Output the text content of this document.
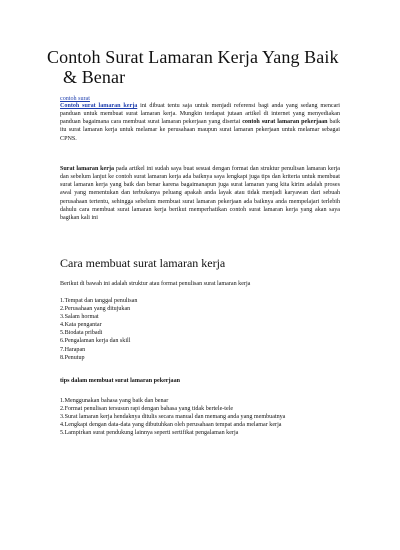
Contoh Surat Lamaran Kerja Yang Baik
& Benar
contoh surat

Contoh surat lamaran kerja ini dibuat tentu saja untuk menjadi referensi bagi anda yang sedang mencari panduan untuk membuat surat lamaran kerja. Mungkin terdapat jutaan artikel di internet yang menyediakan panduan bagaimana cara membuat surat lamaran pekerjaan yang disertai contoh surat lamaran pekerjaan baik itu surat lamaran kerja untuk melamar ke perusahaan maupun surat lamaran pekerjaan untuk melamar sebagai CPNS.

Surat lamaran kerja pada artikel ini sudah saya buat sesuai dengan format dan struktur penulisan lamaran kerja dan sebelum lanjut ke contoh surat lamaran kerja ada baiknya saya lengkapi juga tips dan kriteria untuk membuat surat lamaran kerja yang baik dan benar karena bagaimanapun juga surat lamaran yang kita kirim adalah proses awal yang menentukan dan terbukanya peluang apakah anda layak atau tidak menjadi karyawan dari sebuah perusahaan tertentu, sehingga sebelum membuat surat lamaran pekerjaan ada baiknya anda mempelajari terlebih dahulu cara membuat surat lamaran kerja berikut memperhatikan contoh surat lamaran kerja yang akan saya bagikan kali ini

Cara membuat surat lamaran kerja

Berikut di bawah ini adalah struktur atau format penulisan surat lamaran kerja

1.Tempat dan tanggal penulisan
2.Perusahaan yang ditujukan
3.Salam hormat
4.Kata pengantar
5.Biodata pribadi
6.Pengalaman kerja dan skill
7.Harapan
8.Penutup

tips dalam membuat surat lamaran pekerjaan

1.Menggunakan bahasa yang baik dan benar
2.Format penulisan tersusun rapi dengan bahasa yang tidak bertele-tele
3.Surat lamaran kerja hendaknya ditulis secara manual dan memang anda yang membuatnya
4.Lengkapi dengan data-data yang dibutuhkan oleh perusahaan tempat anda melamar kerja
5.Lampirkan surat pendukung lainnya seperti sertifikat pengalaman kerja
